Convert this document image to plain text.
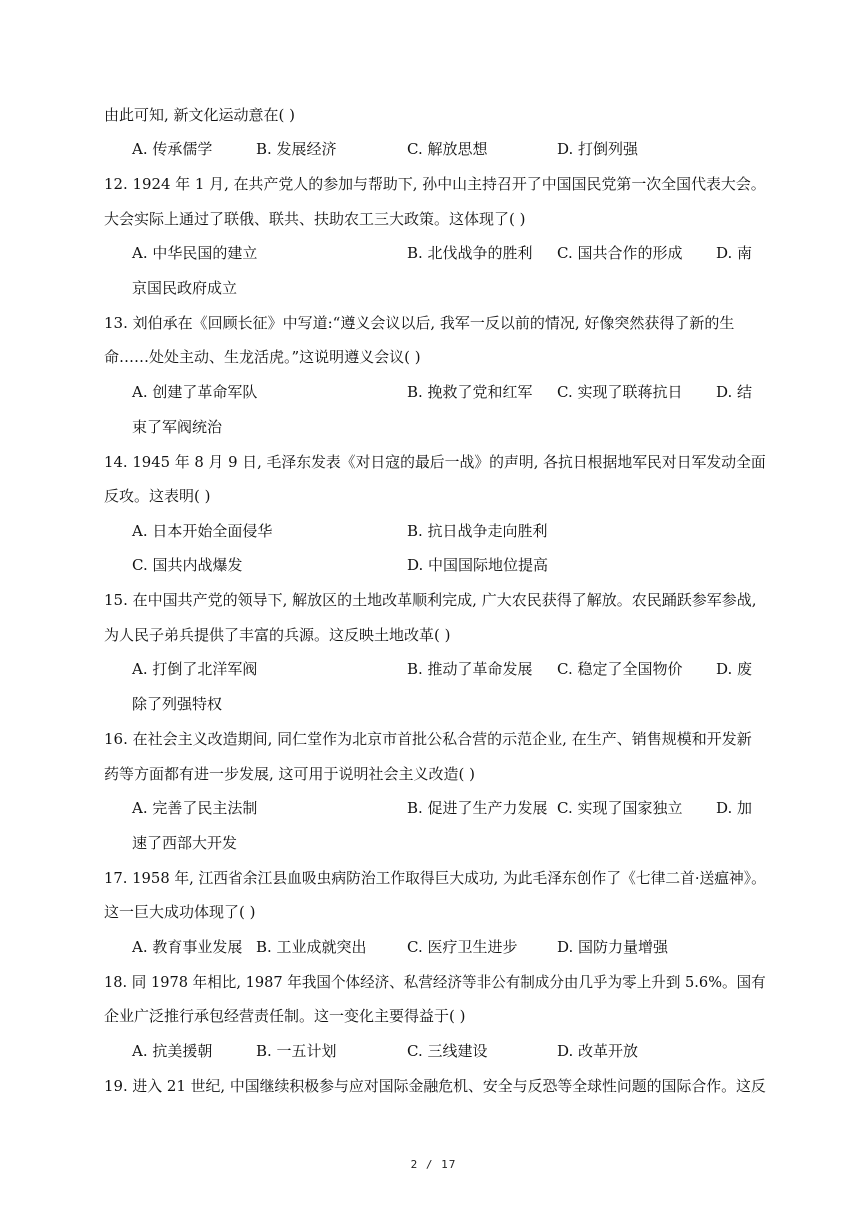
由此可知, 新文化运动意在( )
A. 传承儒学	B. 发展经济	C. 解放思想	D. 打倒列强
12. 1924 年 1 月, 在共产党人的参加与帮助下, 孙中山主持召开了中国国民党第一次全国代表大会。
大会实际上通过了联俄、联共、扶助农工三大政策。这体现了( )
A. 中华民国的建立	B. 北伐战争的胜利 C. 国共合作的形成 D. 南
京国民政府成立
13. 刘伯承在《回顾长征》中写道:“遵义会议以后, 我军一反以前的情况, 好像突然获得了新的生
命……处处主动、生龙活虎。”这说明遵义会议( )
A. 创建了革命军队	B. 挽救了党和红军 C. 实现了联蒋抗日 D. 结
束了军阀统治
14. 1945 年 8 月 9 日, 毛泽东发表《对日寇的最后一战》的声明, 各抗日根据地军民对日军发动全面
反攻。这表明( )
A. 日本开始全面侵华	B. 抗日战争走向胜利
C. 国共内战爆发	D. 中国国际地位提高
15. 在中国共产党的领导下, 解放区的土地改革顺利完成, 广大农民获得了解放。农民踊跃参军参战,
为人民子弟兵提供了丰富的兵源。这反映土地改革( )
A. 打倒了北洋军阀	B. 推动了革命发展 C. 稳定了全国物价 D. 废
除了列强特权
16. 在社会主义改造期间, 同仁堂作为北京市首批公私合营的示范企业, 在生产、销售规模和开发新
药等方面都有进一步发展, 这可用于说明社会主义改造( )
A. 完善了民主法制	B. 促进了生产力发展 C. 实现了国家独立 D. 加
速了西部大开发
17. 1958 年, 江西省余江县血吸虫病防治工作取得巨大成功, 为此毛泽东创作了《七律二首·送瘟神》。
这一巨大成功体现了( )
A. 教育事业发展 B. 工业成就突出	C. 医疗卫生进步	D. 国防力量增强
18. 同 1978 年相比, 1987 年我国个体经济、私营经济等非公有制成分由几乎为零上升到 5.6%。国有
企业广泛推行承包经营责任制。这一变化主要得益于( )
A. 抗美援朝	B. 一五计划	C. 三线建设	D. 改革开放
19. 进入 21 世纪, 中国继续积极参与应对国际金融危机、安全与反恐等全球性问题的国际合作。这反
2 / 17
